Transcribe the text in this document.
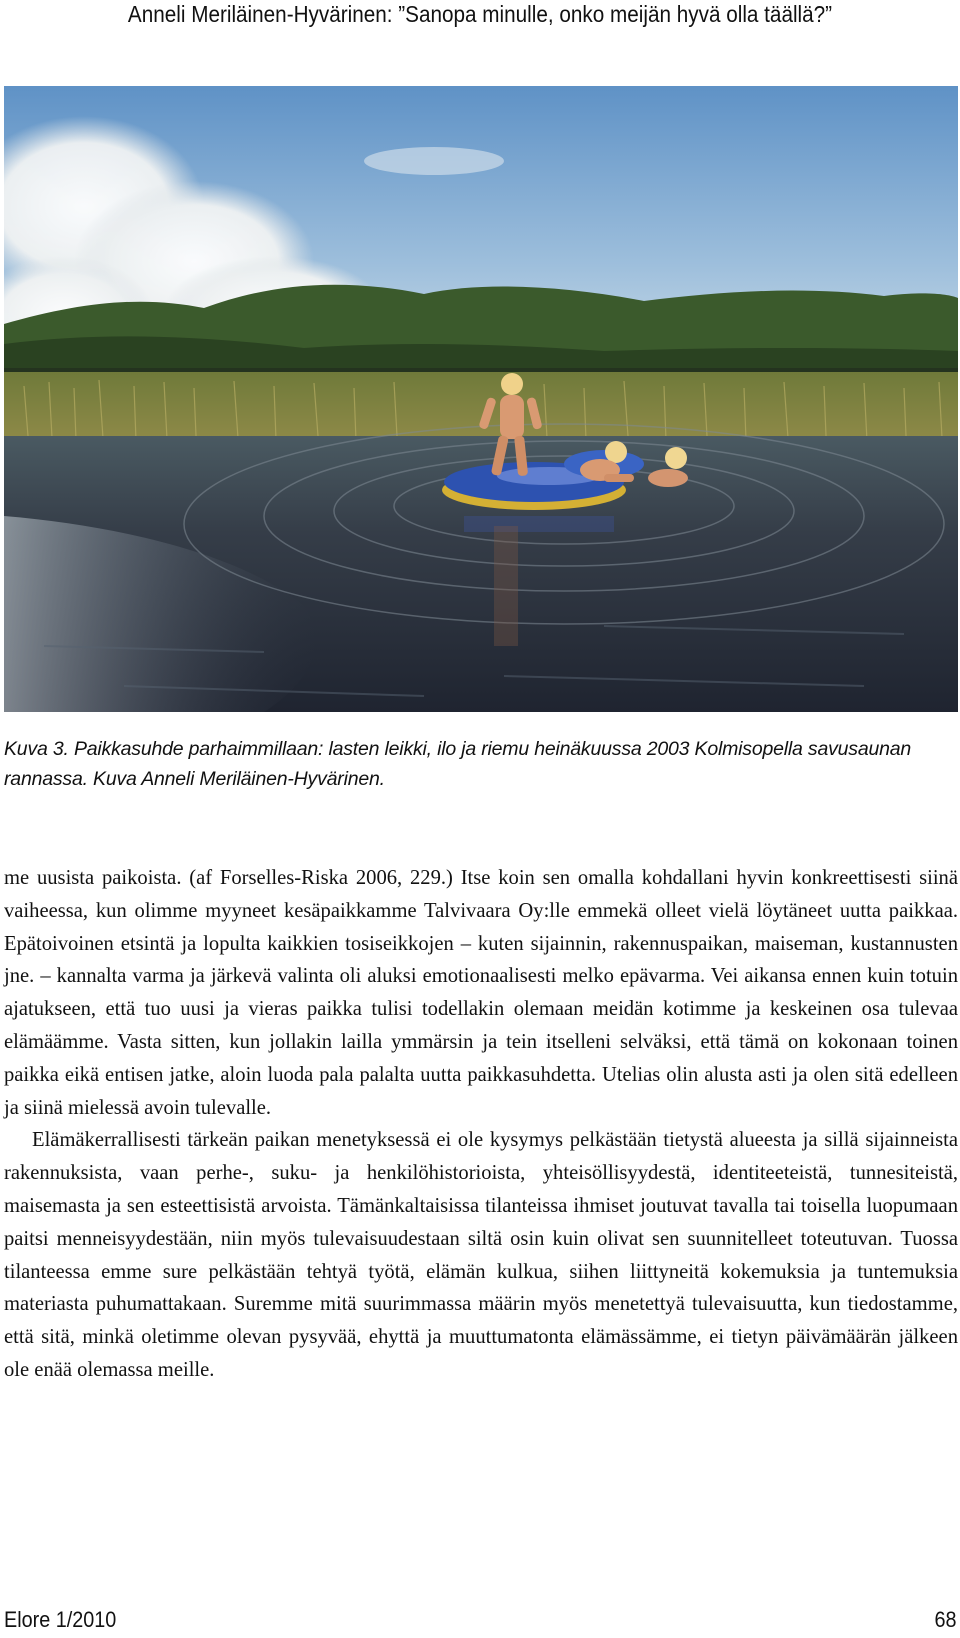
Anneli Meriläinen-Hyvärinen: ”Sanopa minulle, onko meijän hyvä olla täällä?”

Kuva 3. Paikkasuhde parhaimmillaan: lasten leikki, ilo ja riemu heinäkuussa 2003 Kolmisopella savusaunan rannassa. Kuva Anneli Meriläinen-Hyvärinen.

me uusista paikoista. (af Forselles-Riska 2006, 229.) Itse koin sen omalla kohdallani hyvin konkreettisesti siinä vaiheessa, kun olimme myyneet kesäpaikkamme Talvivaara Oy:lle emmekä olleet vielä löytäneet uutta paikkaa. Epätoivoinen etsintä ja lopulta kaikkien tosiseikkojen – kuten sijainnin, rakennuspaikan, maiseman, kustannusten jne. – kannalta varma ja järkevä valinta oli aluksi emotionaalisesti melko epävarma. Vei aikansa ennen kuin totuin ajatukseen, että tuo uusi ja vieras paikka tulisi todellakin olemaan meidän kotimme ja keskeinen osa tulevaa elämäämme. Vasta sitten, kun jollakin lailla ymmärsin ja tein itselleni selväksi, että tämä on kokonaan toinen paikka eikä entisen jatke, aloin luoda pala palalta uutta paikkasuhdetta. Utelias olin alusta asti ja olen sitä edelleen ja siinä mielessä avoin tulevalle.

Elämäkerrallisesti tärkeän paikan menetyksessä ei ole kysymys pelkästään tietystä alueesta ja sillä sijainneista rakennuksista, vaan perhe-, suku- ja henkilöhistorioista, yhteisöllisyydestä, identiteeteistä, tunnesiteistä, maisemasta ja sen esteettisistä arvoista. Tämänkaltaisissa tilanteissa ihmiset joutuvat tavalla tai toisella luopumaan paitsi menneisyydestään, niin myös tulevaisuudestaan siltä osin kuin olivat sen suunnitelleet toteutuvan. Tuossa tilanteessa emme sure pelkästään tehtyä työtä, elämän kulkua, siihen liittyneitä kokemuksia ja tuntemuksia materiasta puhumattakaan. Suremme mitä suurimmassa määrin myös menetettyä tulevaisuutta, kun tiedostamme, että sitä, minkä oletimme olevan pysyvää, ehyttä ja muuttumatonta elämässämme, ei tietyn päivämäärän jälkeen ole enää olemassa meille.

Elore 1/2010	68
